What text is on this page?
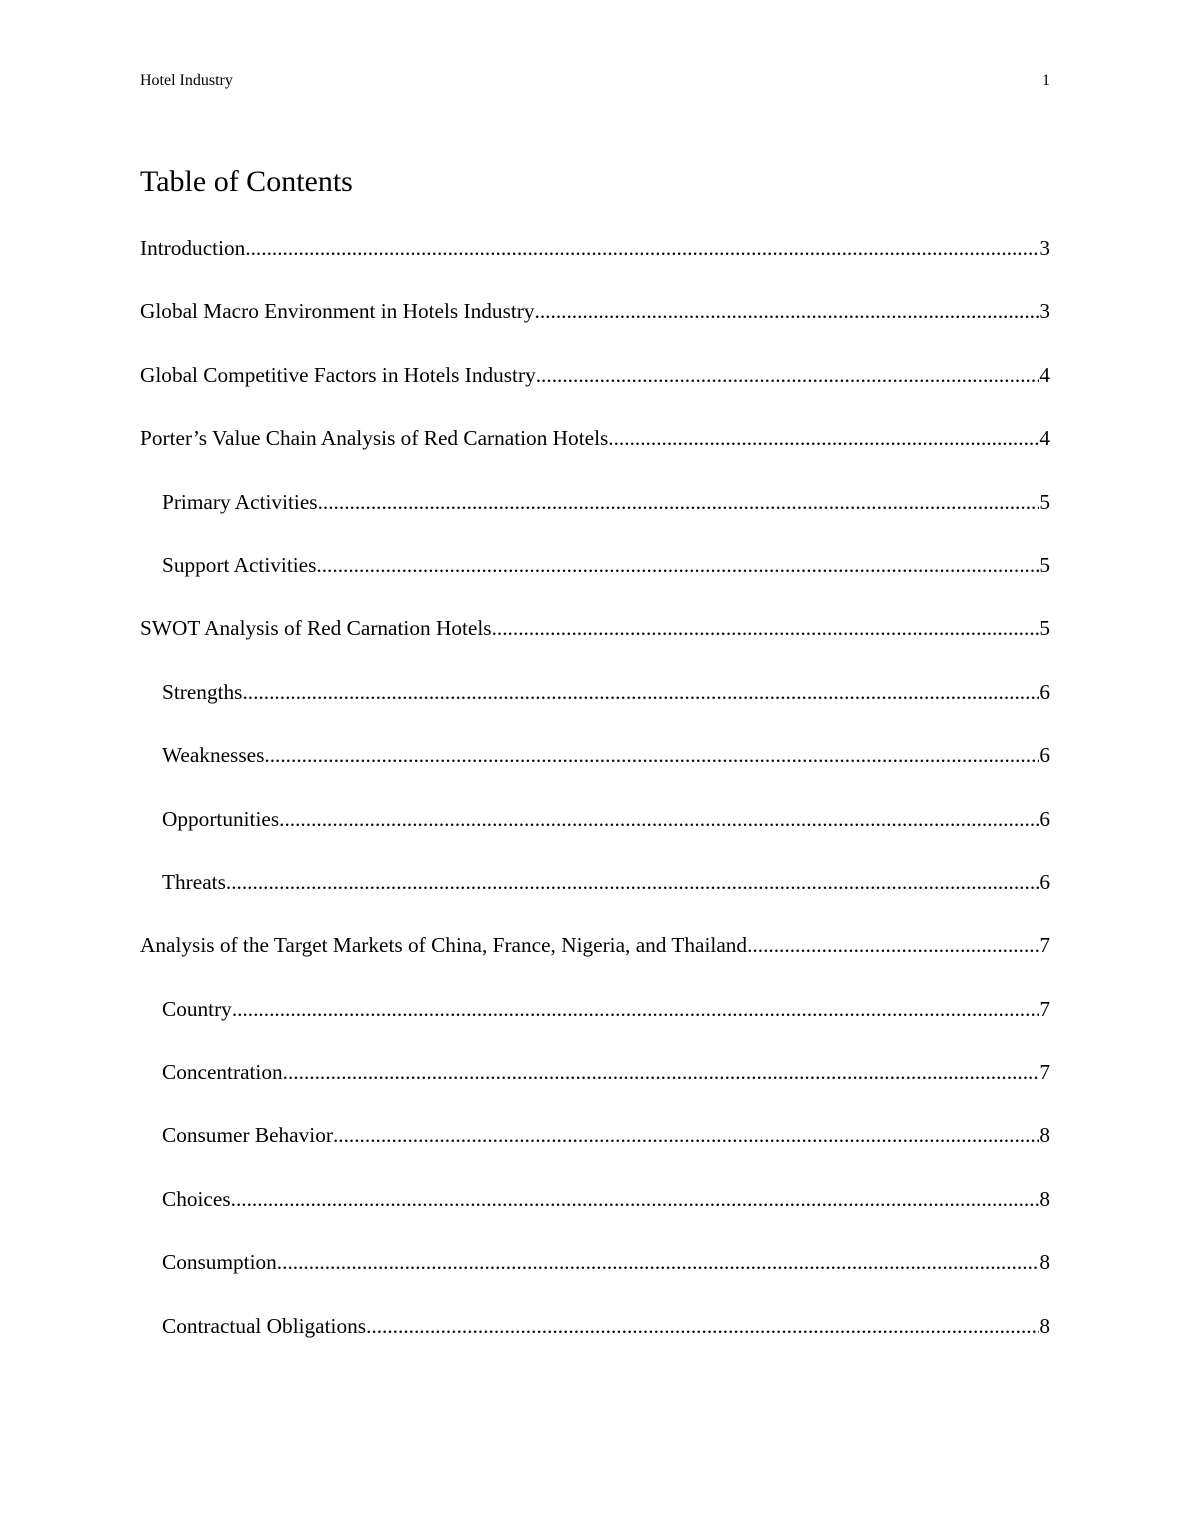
Hotel Industry	1
Table of Contents
Introduction .....	3
Global Macro Environment in Hotels Industry .....	3
Global Competitive Factors in Hotels Industry .....	4
Porter’s Value Chain Analysis of Red Carnation Hotels .....	4
Primary Activities .....	5
Support Activities .....	5
SWOT Analysis of Red Carnation Hotels .....	5
Strengths .....	6
Weaknesses .....	6
Opportunities .....	6
Threats .....	6
Analysis of the Target Markets of China, France, Nigeria, and Thailand .....	7
Country .....	7
Concentration .....	7
Consumer Behavior .....	8
Choices .....	8
Consumption .....	8
Contractual Obligations .....	8
